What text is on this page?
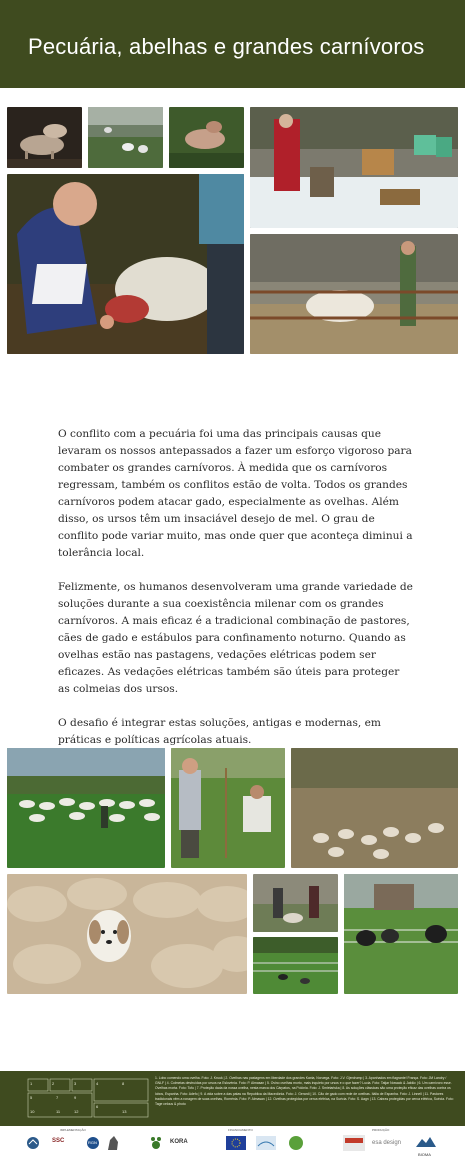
Pecuária, abelhas e grandes carnívoros

O conflito com a pecuária foi uma das principais causas que levaram os nossos antepassados a fazer um esforço vigoroso para combater os grandes carnívoros. À medida que os carnívoros regressam, também os conflitos estão de volta. Todos os grandes carnívoros podem atacar gado, especialmente as ovelhas. Além disso, os ursos têm um insaciável desejo de mel. O grau de conflito pode variar muito, mas onde quer que aconteça diminui a tolerância local.

Felizmente, os humanos desenvolveram uma grande variedade de soluções durante a sua coexistência milenar com os grandes carnívoros. A mais eficaz é a tradicional combinação de pastores, cães de gado e estábulos para confinamento noturno. Quando as ovelhas estão nas pastagens, vedações elétricas podem ser eficazes. As vedações elétricas também são úteis para proteger as colmeias dos ursos.

O desafio é integrar estas soluções, antigas e modernas, em práticas e políticas agrícolas atuais.

1	2	3	4
5
6
7
8
9
10	11	12	13
1. Lobo comendo uma ovelha. Foto: J. Kruuk | 2. Ovelhas nas pastagens em liberdade dos grandes Kaxta, Noruega. Foto: J.V. Gjerdrump | 3. Apanhados em flagrante! França. Foto: JM Landry / GNLF | 4. Colmeias destruídas por ursos na Eslovénia. Foto: P. Almasan | 5. Ovino ovelhas morto, mais inquieto por ursos e o que fazer? Lucia. Foto: Tatjar Nowack & Jakšic | 6. Um carnívoro esse. Ovelhas morta. Foto: Tofu | 7. Proteção dada da nossa ovelha, nesta marca dos Cárpatos, na Polónia. Foto: J. Smietańska | 8. As soluções clássicas são uma proteção eficaz das ovelhas contra os lobos, Espanha. Foto: Adefo | 9. A vida sobre a das patas na Republica da Macedónia. Foto: J. Gerardi | 10. Cão de gado com rede de ovelhas. Itália de Espanha. Foto: J. Linnell | 11. Pastores tradicionais vêm a ronagem de suas ovelhas, Roménia. Foto: P. Almasan | 12. Ovelhas protegidas por cerca elétrica, na Suécia. Foto: S. Aagn | 13. Cabras protegidas por cerca elétrica, Suécia. Foto: Tage celous & photo
IMPLEMENTAÇÃO	FINANCIAMENTO	PRODUÇÃO
SSC	RGN	KORA	esa design
BIOMA
